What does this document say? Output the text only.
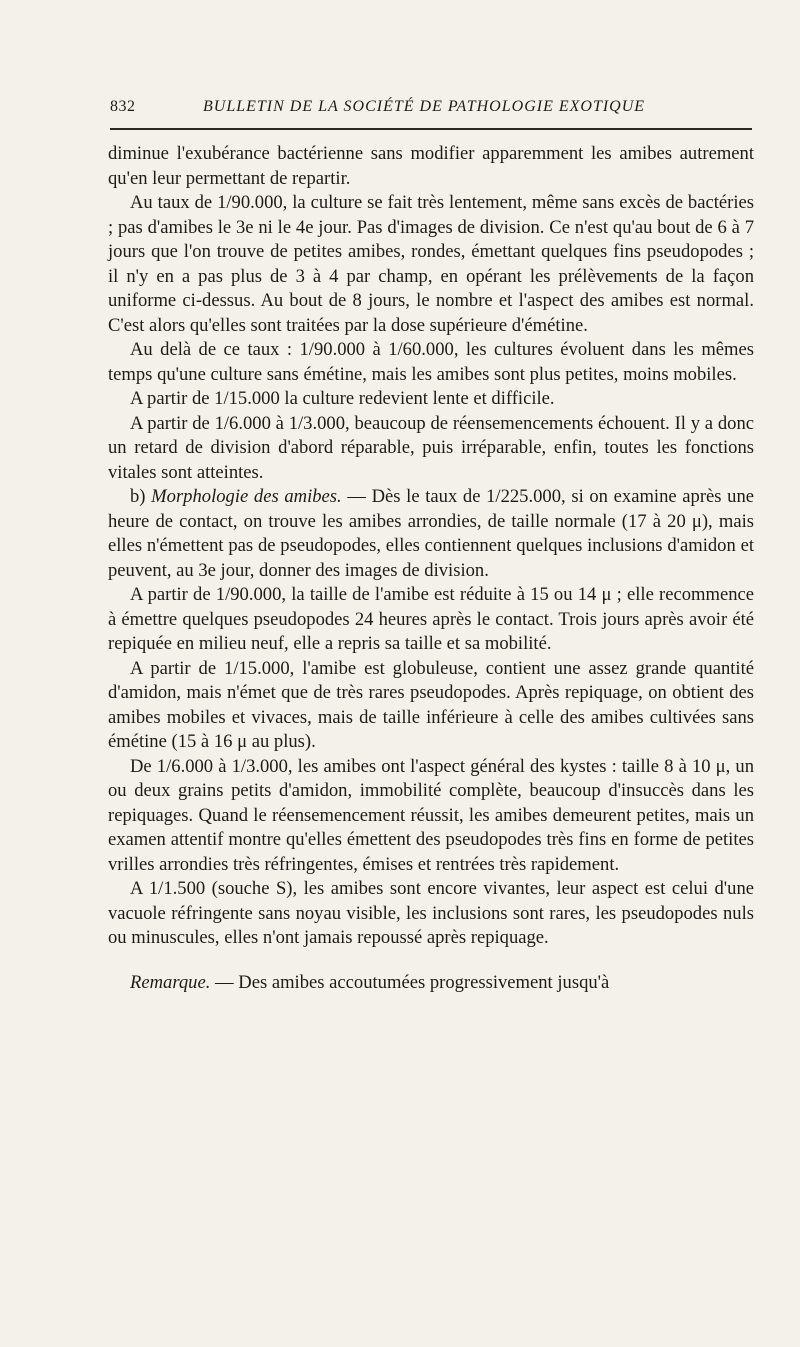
832	BULLETIN DE LA SOCIÉTÉ DE PATHOLOGIE EXOTIQUE

diminue l'exubérance bactérienne sans modifier apparemment les amibes autrement qu'en leur permettant de repartir.

Au taux de 1/90.000, la culture se fait très lentement, même sans excès de bactéries ; pas d'amibes le 3e ni le 4e jour. Pas d'images de division. Ce n'est qu'au bout de 6 à 7 jours que l'on trouve de petites amibes, rondes, émettant quelques fins pseudopodes ; il n'y en a pas plus de 3 à 4 par champ, en opérant les prélèvements de la façon uniforme ci-dessus. Au bout de 8 jours, le nombre et l'aspect des amibes est normal. C'est alors qu'elles sont traitées par la dose supérieure d'émétine.

Au delà de ce taux : 1/90.000 à 1/60.000, les cultures évoluent dans les mêmes temps qu'une culture sans émétine, mais les amibes sont plus petites, moins mobiles.

A partir de 1/15.000 la culture redevient lente et difficile.

A partir de 1/6.000 à 1/3.000, beaucoup de réensemencements échouent. Il y a donc un retard de division d'abord réparable, puis irréparable, enfin, toutes les fonctions vitales sont atteintes.

b) Morphologie des amibes. — Dès le taux de 1/225.000, si on examine après une heure de contact, on trouve les amibes arrondies, de taille normale (17 à 20 μ), mais elles n'émettent pas de pseudopodes, elles contiennent quelques inclusions d'amidon et peuvent, au 3e jour, donner des images de division.

A partir de 1/90.000, la taille de l'amibe est réduite à 15 ou 14 μ ; elle recommence à émettre quelques pseudopodes 24 heures après le contact. Trois jours après avoir été repiquée en milieu neuf, elle a repris sa taille et sa mobilité.

A partir de 1/15.000, l'amibe est globuleuse, contient une assez grande quantité d'amidon, mais n'émet que de très rares pseudopodes. Après repiquage, on obtient des amibes mobiles et vivaces, mais de taille inférieure à celle des amibes cultivées sans émétine (15 à 16 μ au plus).

De 1/6.000 à 1/3.000, les amibes ont l'aspect général des kystes : taille 8 à 10 μ, un ou deux grains petits d'amidon, immobilité complète, beaucoup d'insuccès dans les repiquages. Quand le réensemencement réussit, les amibes demeurent petites, mais un examen attentif montre qu'elles émettent des pseudopodes très fins en forme de petites vrilles arrondies très réfringentes, émises et rentrées très rapidement.

A 1/1.500 (souche S), les amibes sont encore vivantes, leur aspect est celui d'une vacuole réfringente sans noyau visible, les inclusions sont rares, les pseudopodes nuls ou minuscules, elles n'ont jamais repoussé après repiquage.

Remarque. — Des amibes accoutumées progressivement jusqu'à
